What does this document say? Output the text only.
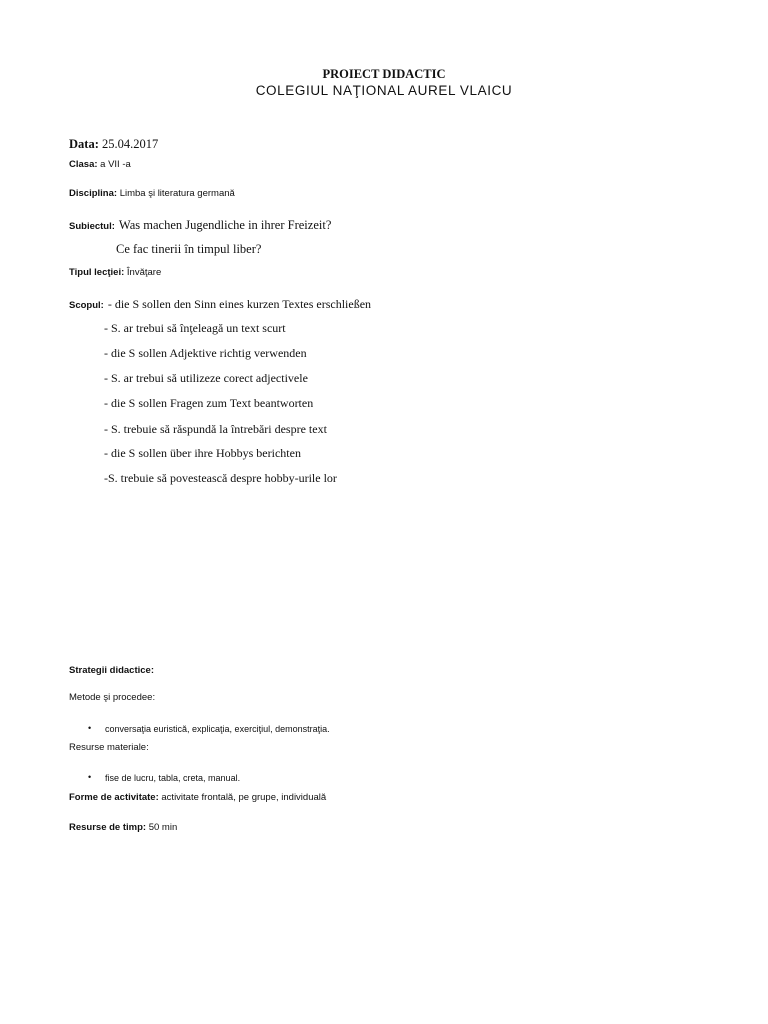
PROIECT DIDACTIC
COLEGIUL NAŢIONAL AUREL VLAICU
Data: 25.04.2017
Clasa: a VII -a
Disciplina: Limba şi literatura germană
Subiectul: Was machen Jugendliche in ihrer Freizeit?
Ce fac tinerii în timpul liber?
Tipul lecţiei: Învăţare
Scopul: - die S sollen den Sinn eines kurzen Textes erschließen
- S. ar trebui să înţeleagă un text scurt
- die S sollen Adjektive richtig verwenden
- S. ar trebui să utilizeze corect adjectivele
- die S sollen Fragen zum Text beantworten
- S. trebuie să răspundă la întrebări despre text
- die S sollen über ihre Hobbys berichten
-S. trebuie să povestească despre hobby-urile lor
Strategii didactice:
Metode şi procedee:
• conversaţia euristică, explicaţia, exerciţiul, demonstraţia.
Resurse materiale:
• fise de lucru, tabla, creta, manual.
Forme de activitate: activitate frontală, pe grupe, individuală
Resurse de timp: 50 min
